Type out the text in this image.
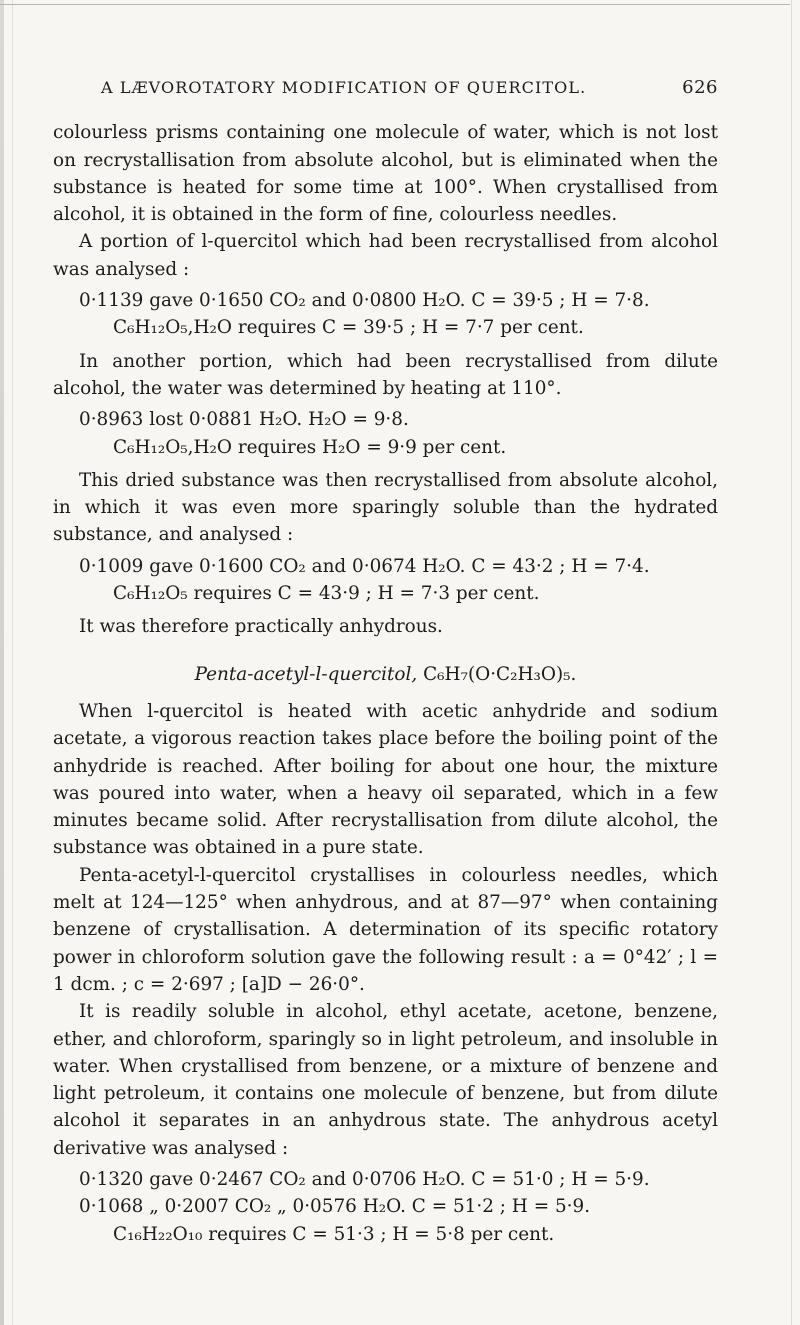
A LÆVOROTATORY MODIFICATION OF QUERCITOL.	626

colourless prisms containing one molecule of water, which is not lost on recrystallisation from absolute alcohol, but is eliminated when the substance is heated for some time at 100°. When crystallised from alcohol, it is obtained in the form of fine, colourless needles.

A portion of l-quercitol which had been recrystallised from alcohol was analysed :

0·1139 gave 0·1650 CO₂ and 0·0800 H₂O. C = 39·5 ; H = 7·8.
C₆H₁₂O₅,H₂O requires C = 39·5 ; H = 7·7 per cent.

In another portion, which had been recrystallised from dilute alcohol, the water was determined by heating at 110°.

0·8963 lost 0·0881 H₂O. H₂O = 9·8.
C₆H₁₂O₅,H₂O requires H₂O = 9·9 per cent.

This dried substance was then recrystallised from absolute alcohol, in which it was even more sparingly soluble than the hydrated substance, and analysed :

0·1009 gave 0·1600 CO₂ and 0·0674 H₂O. C = 43·2 ; H = 7·4.
C₆H₁₂O₅ requires C = 43·9 ; H = 7·3 per cent.

It was therefore practically anhydrous.

Penta-acetyl-l-quercitol, C₆H₇(O·C₂H₃O)₅.

When l-quercitol is heated with acetic anhydride and sodium acetate, a vigorous reaction takes place before the boiling point of the anhydride is reached. After boiling for about one hour, the mixture was poured into water, when a heavy oil separated, which in a few minutes became solid. After recrystallisation from dilute alcohol, the substance was obtained in a pure state.

Penta-acetyl-l-quercitol crystallises in colourless needles, which melt at 124—125° when anhydrous, and at 87—97° when containing benzene of crystallisation. A determination of its specific rotatory power in chloroform solution gave the following result : a = 0°42′ ; l = 1 dcm. ; c = 2·697 ; [a]D − 26·0°.

It is readily soluble in alcohol, ethyl acetate, acetone, benzene, ether, and chloroform, sparingly so in light petroleum, and insoluble in water. When crystallised from benzene, or a mixture of benzene and light petroleum, it contains one molecule of benzene, but from dilute alcohol it separates in an anhydrous state. The anhydrous acetyl derivative was analysed :

0·1320 gave 0·2467 CO₂ and 0·0706 H₂O. C = 51·0 ; H = 5·9.
0·1068 „ 0·2007 CO₂ „ 0·0576 H₂O. C = 51·2 ; H = 5·9.
C₁₆H₂₂O₁₀ requires C = 51·3 ; H = 5·8 per cent.
